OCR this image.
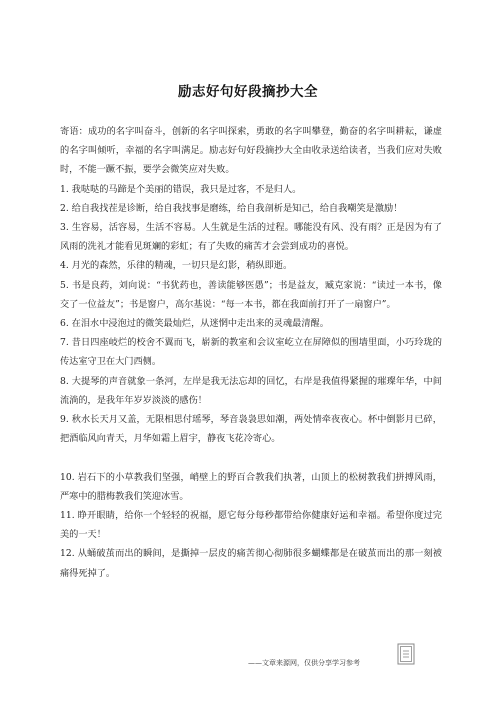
励志好句好段摘抄大全

寄语：成功的名字叫奋斗，创新的名字叫探索，勇敢的名字叫攀登，勤奋的名字叫耕耘，谦虚的名字叫倾听，幸福的名字叫满足。励志好句好段摘抄大全由收录送给读者，当我们应对失败时，不能一蹶不振，要学会微笑应对失败。

1. 我哒哒的马蹄是个美丽的错误，我只是过客，不是归人。

2. 给自我找茬是诊断，给自我找事是磨练，给自我剖析是知己，给自我嘲笑是激励！

3. 生容易，活容易，生活不容易。人生就是生活的过程。哪能没有风、没有雨？正是因为有了风雨的洗礼才能看见斑斓的彩虹；有了失败的痛苦才会尝到成功的喜悦。

4. 月光的森然，乐律的精魂，一切只是幻影，稍纵即逝。

5. 书是良药，刘向说：“书犹药也，善读能够医愚”；书是益友，臧克家说：“读过一本书，像交了一位益友”；书是窗户，高尔基说：“每一本书，都在我面前打开了一扇窗户”。

6. 在泪水中浸泡过的微笑最灿烂，从迷惘中走出来的灵魂最清醒。

7. 昔日四座岐烂的校舍不翼而飞，崭新的教室和会议室屹立在屏障似的围墙里面，小巧玲珑的传达室守卫在大门西侧。

8. 大提琴的声音就象一条河，左岸是我无法忘却的回忆，右岸是我值得紧握的璀璨年华，中间流淌的，是我年年岁岁淡淡的感伤！

9. 秋水长天月又盖，无限相思付瑶琴，琴音袅袅思如潮，两处情牵夜夜心。杯中倒影月已碎，把酒临风向青天，月华如霜上眉宇，静夜飞花冷寄心。

10. 岩石下的小草教我们坚强，峭壁上的野百合教我们执著，山顶上的松树教我们拼搏风雨，严寒中的腊梅教我们笑迎冰雪。

11. 睁开眼睛，给你一个轻轻的祝福，愿它每分每秒都带给你健康好运和幸福。希望你度过完美的一天！

12. 从蛹破茧而出的瞬间，是撕掉一层皮的痛苦彻心彻肺很多蝴蝶都是在破茧而出的那一刻被痛得死掉了。

——文章来源网，仅供分享学习参考
